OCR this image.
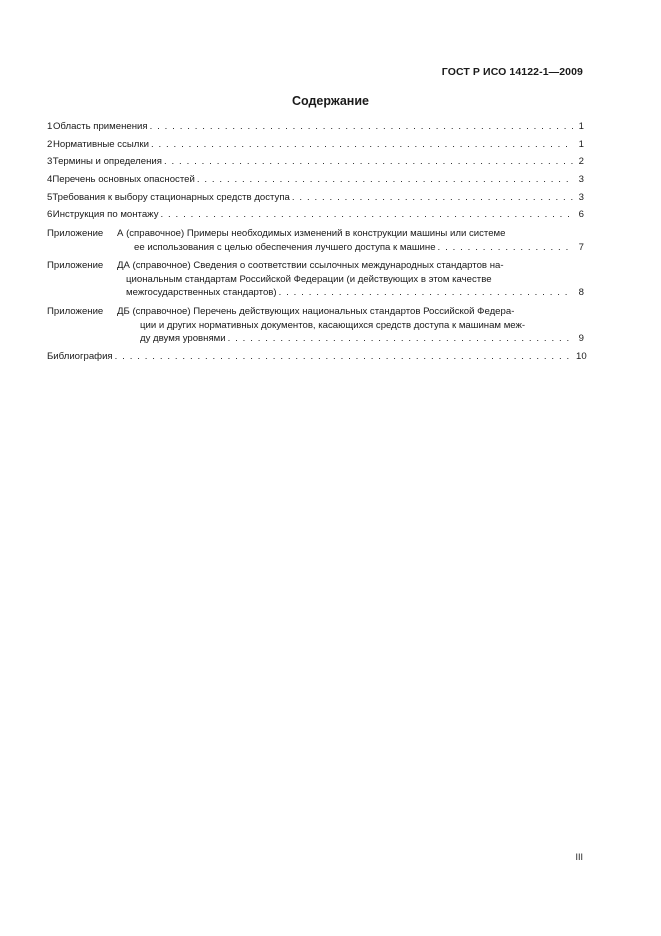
ГОСТ Р ИСО 14122-1—2009
Содержание
1 Область применения . . .	1
2 Нормативные ссылки . . .	1
3 Термины и определения . . .	2
4 Перечень основных опасностей . . .	3
5 Требования к выбору стационарных средств доступа . . .	3
6 Инструкция по монтажу . . .	6
Приложение	А (справочное) Примеры необходимых изменений в конструкции машины или системе
ее использования с целью обеспечения лучшего доступа к машине . . .	7
Приложение	ДА (справочное) Сведения о соответствии ссылочных международных стандартов на-
циональным стандартам Российской Федерации (и действующих в этом качестве
межгосударственных стандартов) . . .	8
Приложение	ДБ (справочное) Перечень действующих национальных стандартов Российской Федера-
ции и других нормативных документов, касающихся средств доступа к машинам меж-
ду двумя уровнями . . .	9
Библиография . . .	10
III
